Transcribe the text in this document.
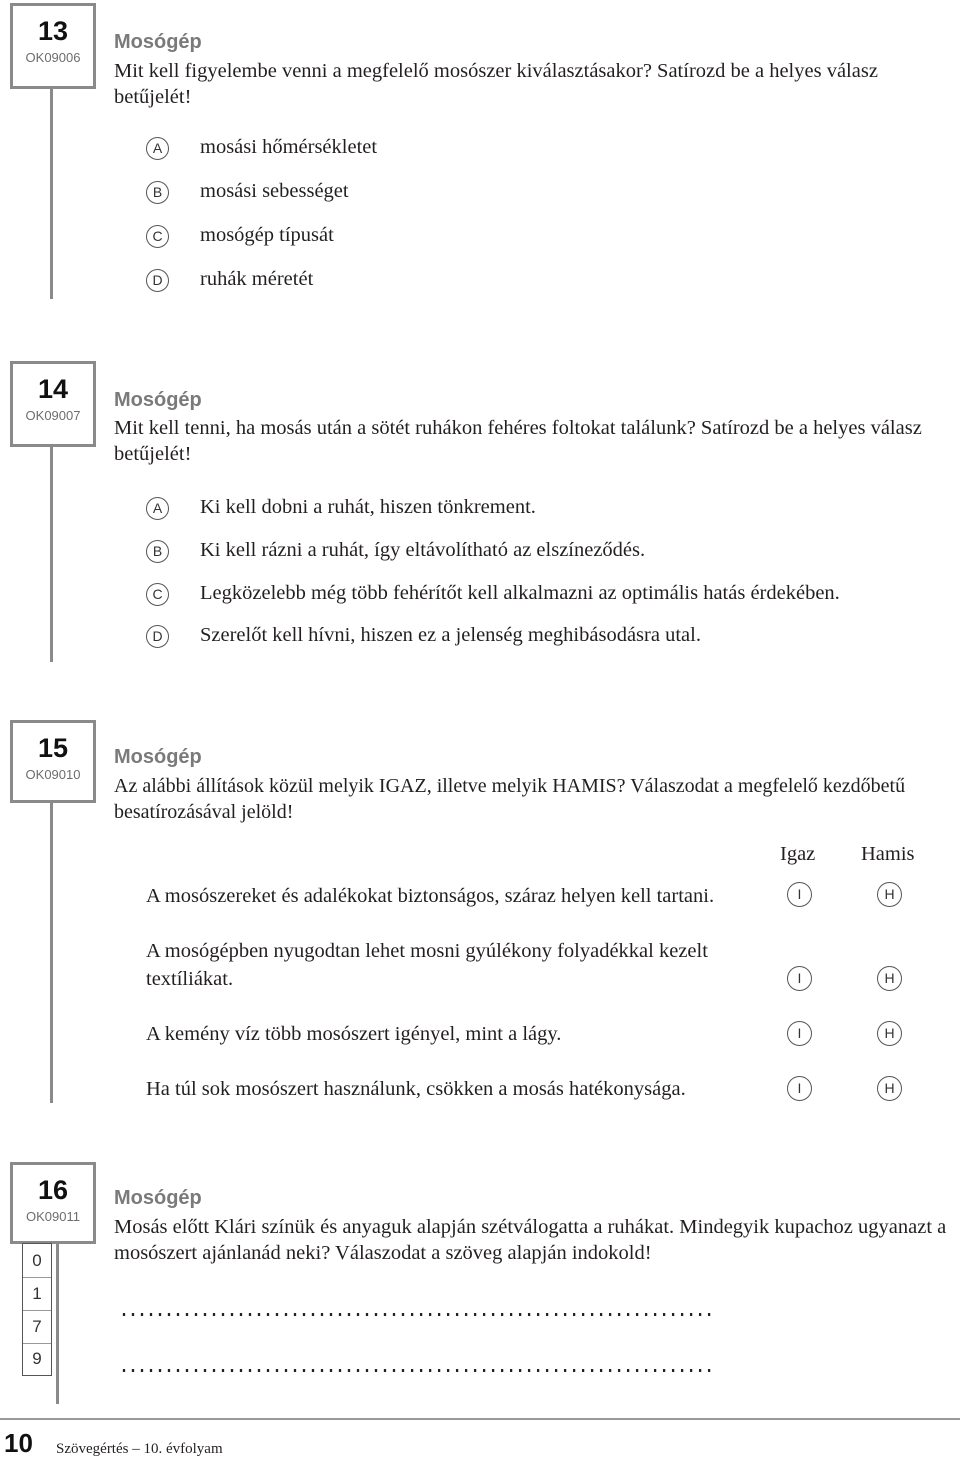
13
OK09006
Mosógép
Mit kell figyelembe venni a megfelelő mosószer kiválasztásakor? Satírozd be a helyes válasz betűjelét!
A	mosási hőmérsékletet
B	mosási sebességet
C	mosógép típusát
D	ruhák méretét
14
OK09007
Mosógép
Mit kell tenni, ha mosás után a sötét ruhákon fehéres foltokat találunk? Satírozd be a helyes válasz betűjelét!
A	Ki kell dobni a ruhát, hiszen tönkrement.
B	Ki kell rázni a ruhát, így eltávolítható az elszíneződés.
C	Legközelebb még több fehérítőt kell alkalmazni az optimális hatás érdekében.
D	Szerelőt kell hívni, hiszen ez a jelenség meghibásodásra utal.
15
OK09010
Mosógép
Az alábbi állítások közül melyik IGAZ, illetve melyik HAMIS? Válaszodat a megfelelő kezdőbetű besatírozásával jelöld!
Igaz Hamis
A mosószereket és adalékokat biztonságos, száraz helyen kell tartani.	I	H
A mosógépben nyugodtan lehet mosni gyúlékony folyadékkal kezelt textíliákat.	I	H
A kemény víz több mosószert igényel, mint a lágy.	I	H
Ha túl sok mosószert használunk, csökken a mosás hatékonysága.	I	H
16
OK09011
Mosógép
Mosás előtt Klári színük és anyaguk alapján szétválogatta a ruhákat. Mindegyik kupachoz ugyanazt a mosószert ajánlanád neki? Válaszodat a szöveg alapján indokold!
..................................................................
..................................................................
0
1
7
9
10 Szövegértés – 10. évfolyam
